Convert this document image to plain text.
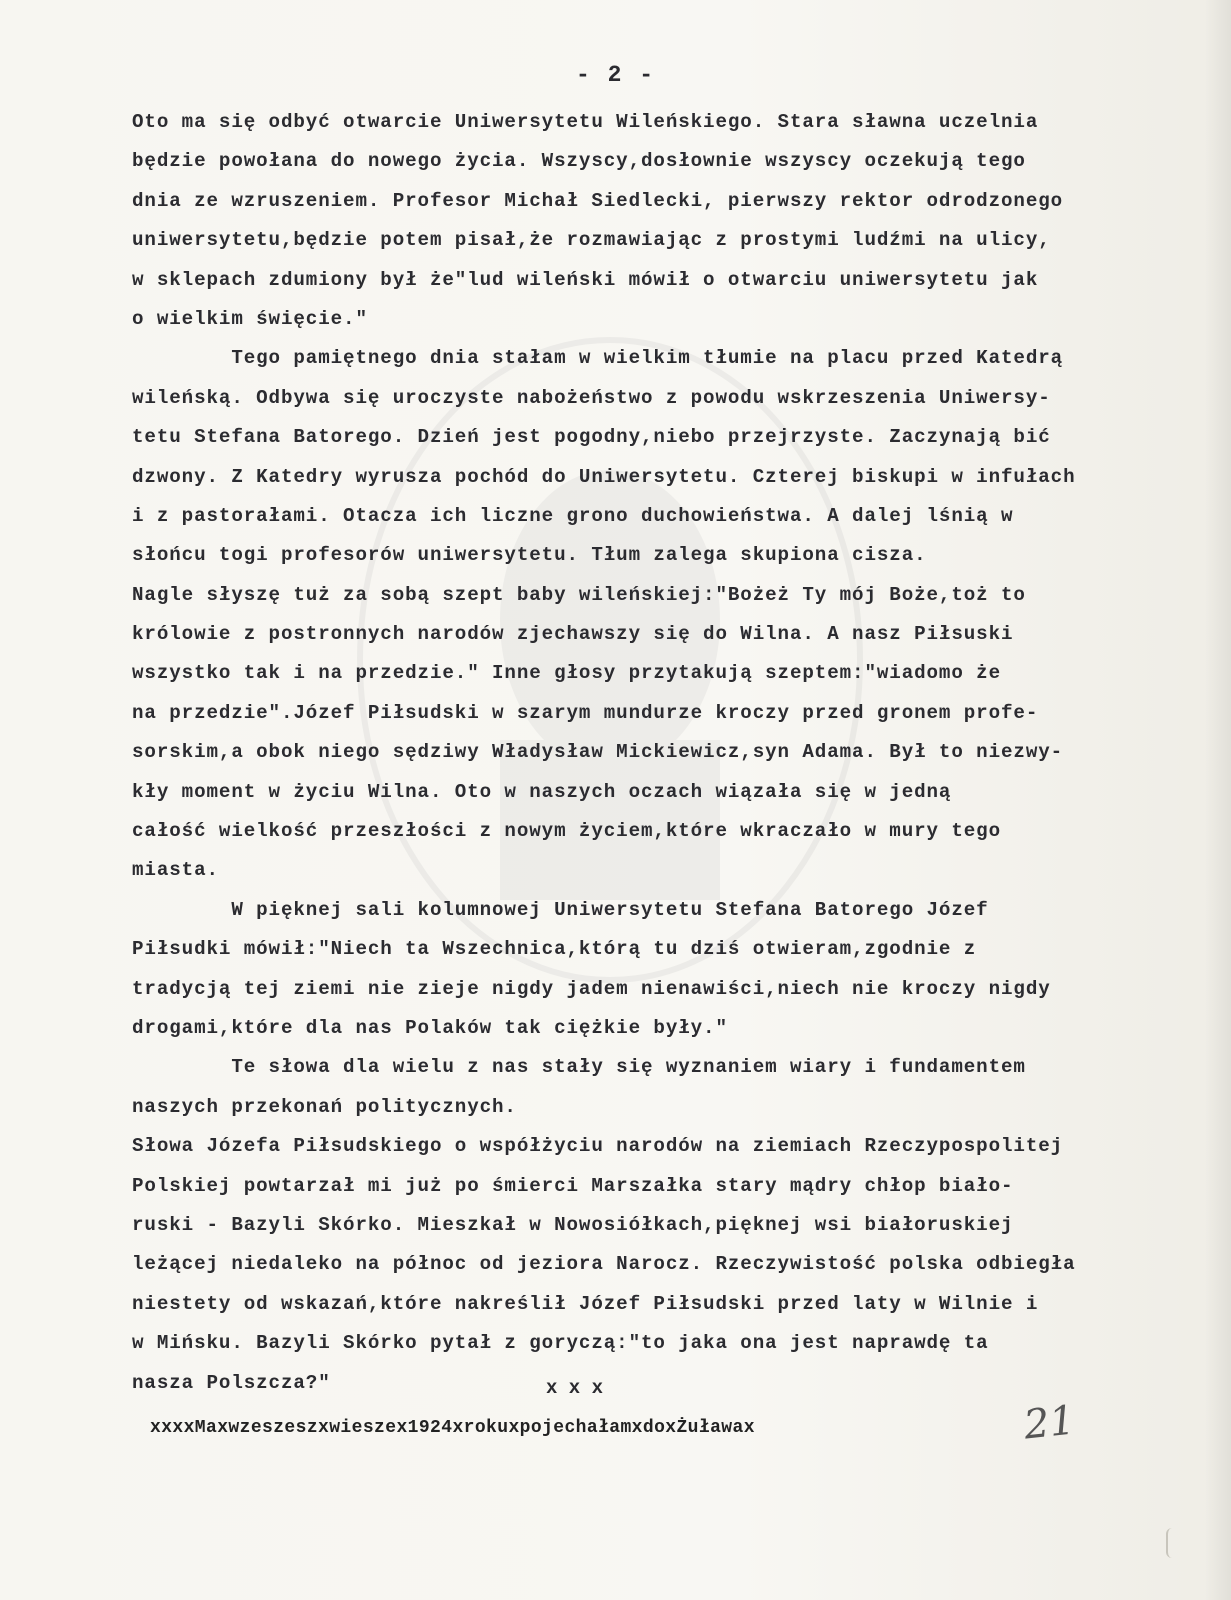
- 2 -
Oto ma się odbyć otwarcie Uniwersytetu Wileńskiego. Stara sławna uczelnia
będzie powołana do nowego życia. Wszyscy,dosłownie wszyscy oczekują tego
dnia ze wzruszeniem. Profesor Michał Siedlecki, pierwszy rektor odrodzonego
uniwersytetu,będzie potem pisał,że rozmawiając z prostymi ludźmi na ulicy,
w sklepach zdumiony był że"lud wileński mówił o otwarciu uniwersytetu jak
o wielkim święcie."
Tego pamiętnego dnia stałam w wielkim tłumie na placu przed Katedrą
wileńską. Odbywa się uroczyste nabożeństwo z powodu wskrzeszenia Uniwersy-
tetu Stefana Batorego. Dzień jest pogodny,niebo przejrzyste. Zaczynają bić
dzwony. Z Katedry wyrusza pochód do Uniwersytetu. Czterej biskupi w infułach
i z pastorałami. Otacza ich liczne grono duchowieństwa. A dalej lśnią w
słońcu togi profesorów uniwersytetu. Tłum zalega skupiona cisza.
Nagle słyszę tuż za sobą szept baby wileńskiej:"Bożeż Ty mój Boże,toż to
królowie z postronnych narodów zjechawszy się do Wilna. A nasz Piłsuski
wszystko tak i na przedzie." Inne głosy przytakują szeptem:"wiadomo że
na przedzie".Józef Piłsudski w szarym mundurze kroczy przed gronem profe-
sorskim,a obok niego sędziwy Władysław Mickiewicz,syn Adama. Był to niezwy-
kły moment w życiu Wilna. Oto w naszych oczach wiązała się w jedną
całość wielkość przeszłości z nowym życiem,które wkraczało w mury tego
miasta.
W pięknej sali kolumnowej Uniwersytetu Stefana Batorego Józef
Piłsudki mówił:"Niech ta Wszechnica,którą tu dziś otwieram,zgodnie z
tradycją tej ziemi nie zieje nigdy jadem nienawiści,niech nie kroczy nigdy
drogami,które dla nas Polaków tak ciężkie były."
Te słowa dla wielu z nas stały się wyznaniem wiary i fundamentem
naszych przekonań politycznych.
Słowa Józefa Piłsudskiego o współżyciu narodów na ziemiach Rzeczypospolitej
Polskiej powtarzał mi już po śmierci Marszałka stary mądry chłop biało-
ruski - Bazyli Skórko. Mieszkał w Nowosiółkach,pięknej wsi białoruskiej
leżącej niedaleko na północ od jeziora Narocz. Rzeczywistość polska odbiegła
niestety od wskazań,które nakreślił Józef Piłsudski przed laty w Wilnie i
w Mińsku. Bazyli Skórko pytał z goryczą:"to jaka ona jest naprawdę ta
nasza Polszcza?"	x x x
xxxxMaxwzeszeszxwieszex1924xrokuxpojechałamxdoxŻuławax	21
